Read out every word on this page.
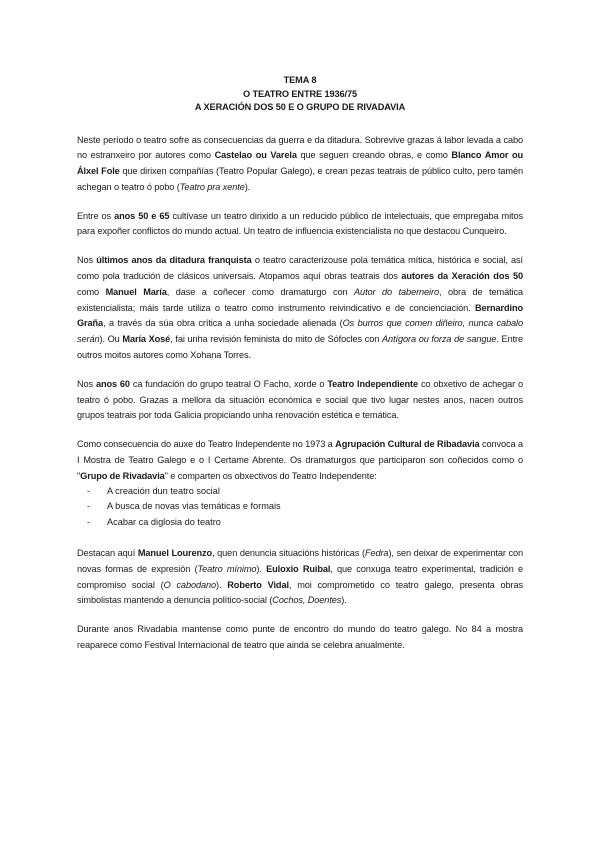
TEMA 8
O TEATRO ENTRE 1936/75
A XERACIÓN DOS 50 E O GRUPO DE RIVADAVIA

Neste período o teatro sofre as consecuencias da guerra e da ditadura. Sobrevive grazas á labor levada a cabo no estranxeiro por autores como Castelao ou Varela que seguen creando obras, e como Blanco Amor ou Álxel Fole que dirixen compañías (Teatro Popular Galego), e crean pezas teatrais de público culto, pero tamén achegan o teatro ó pobo (Teatro pra xente).

Entre os anos 50 e 65 cultívase un teatro dirixido a un reducido público de intelectuais, que empregaba mitos para expoñer conflictos do mundo actual. Un teatro de influencia existencialista no que destacou Cunqueiro.

Nos últimos anos da ditadura franquista o teatro caracterizouse pola temática mítica, histórica e social, así como pola tradución de clásicos universais. Atopamos aquí obras teatrais dos autores da Xeración dos 50 como Manuel María, dase a coñecer como dramaturgo con Autor do taberneiro, obra de temática existencialista; máis tarde utiliza o teatro como instrumento reivindicativo e de concienciación. Bernardino Graña, a través da súa obra crítica a unha sociedade alienada (Os burros que comen diñeiro, nunca cabalo serán). Ou María Xosé, fai unha revisión feminista do mito de Sófocles con Antígora ou forza de sangue. Entre outros moitos autores como Xohana Torres.

Nos anos 60 ca fundación do grupo teatral O Facho, xorde o Teatro Independiente co obxetivo de achegar o teatro ó pobo. Grazas a mellora da situación económica e social que tivo lugar nestes anos, nacen outros grupos teatrais por toda Galicia propiciando unha renovación estética e temática.

Como consecuencia do auxe do Teatro Independente no 1973 a Agrupación Cultural de Ribadavia convoca a I Mostra de Teatro Galego e o I Certame Abrente. Os dramaturgos que participaron son coñecidos como o "Grupo de Rivadavia" e comparten os obxectivos do Teatro Independente:

- A creación dun teatro social
- A busca de novas vias temáticas e formais
- Acabar ca diglosia do teatro

Destacan aquí Manuel Lourenzo, quen denuncia situacións históricas (Fedra), sen deixar de experimentar con novas formas de expresión (Teatro mínimo). Euloxio Ruibal, que conxuga teatro experimental, tradición e compromiso social (O cabodano). Roberto Vidal, moi comprometido co teatro galego, presenta obras simbolistas mantendo a denuncia político-social (Cochos, Doentes).

Durante anos Rivadabia mantense como punte de encontro do mundo do teatro galego. No 84 a mostra reaparece como Festival Internacional de teatro que ainda se celebra anualmente.
